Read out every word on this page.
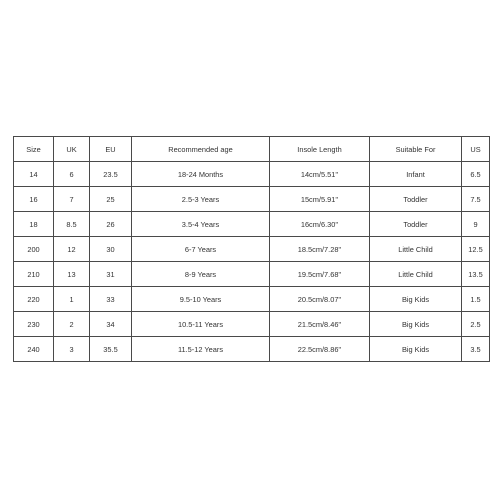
Size	UK	EU	Recommended age	Insole Length	Suitable For	US
14	6	23.5	18-24 Months	14cm/5.51''	Infant	6.5
16	7	25	2.5-3 Years	15cm/5.91''	Toddler	7.5
18	8.5	26	3.5-4 Years	16cm/6.30''	Toddler	9
200	12	30	6-7 Years	18.5cm/7.28''	Little Child	12.5
210	13	31	8-9 Years	19.5cm/7.68''	Little Child	13.5
220	1	33	9.5-10 Years	20.5cm/8.07''	Big Kids	1.5
230	2	34	10.5-11 Years	21.5cm/8.46''	Big Kids	2.5
240	3	35.5	11.5-12 Years	22.5cm/8.86''	Big Kids	3.5
